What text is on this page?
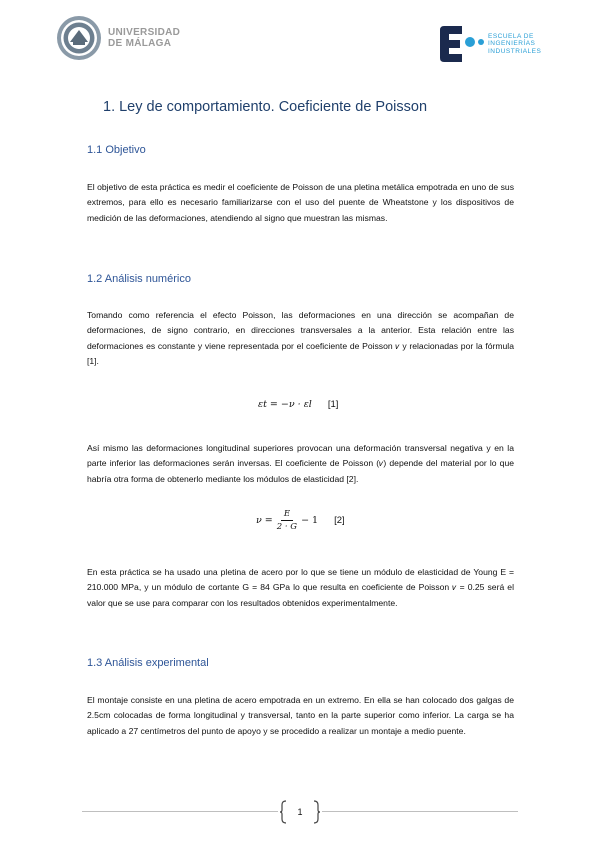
UNIVERSIDAD
DE MÁLAGA
ESCUELA DE
INGENIERÍAS
INDUSTRIALES
1. Ley de comportamiento. Coeficiente de Poisson
1.1 Objetivo

El objetivo de esta práctica es medir el coeficiente de Poisson de una pletina metálica empotrada en uno de sus extremos, para ello es necesario familiarizarse con el uso del puente de Wheatstone y los dispositivos de medición de las deformaciones, atendiendo al signo que muestran las mismas.

1.2 Análisis numérico

Tomando como referencia el efecto Poisson, las deformaciones en una dirección se acompañan de deformaciones, de signo contrario, en direcciones transversales a la anterior. Esta relación entre las deformaciones es constante y viene representada por el coeficiente de Poisson 𝜈 y relacionadas por la fórmula [1].

𝜀𝑡 = −𝜈 · 𝜀𝑙 [1]

Así mismo las deformaciones longitudinal superiores provocan una deformación transversal negativa y en la parte inferior las deformaciones serán inversas. El coeficiente de Poisson (𝜈) depende del material por lo que habría otra forma de obtenerlo mediante los módulos de elasticidad [2].

𝜈 = $\frac{E}{2 \cdot G} - 1$ [2]

En esta práctica se ha usado una pletina de acero por lo que se tiene un módulo de elasticidad de Young E = 210.000 MPa, y un módulo de cortante G = 84 GPa lo que resulta en coeficiente de Poisson 𝜈 = 0.25 será el valor que se use para comparar con los resultados obtenidos experimentalmente.

1.3 Análisis experimental

El montaje consiste en una pletina de acero empotrada en un extremo. En ella se han colocado dos galgas de 2.5cm colocadas de forma longitudinal y transversal, tanto en la parte superior como inferior. La carga se ha aplicado a 27 centímetros del punto de apoyo y se procedido a realizar un montaje a medio puente.

1
